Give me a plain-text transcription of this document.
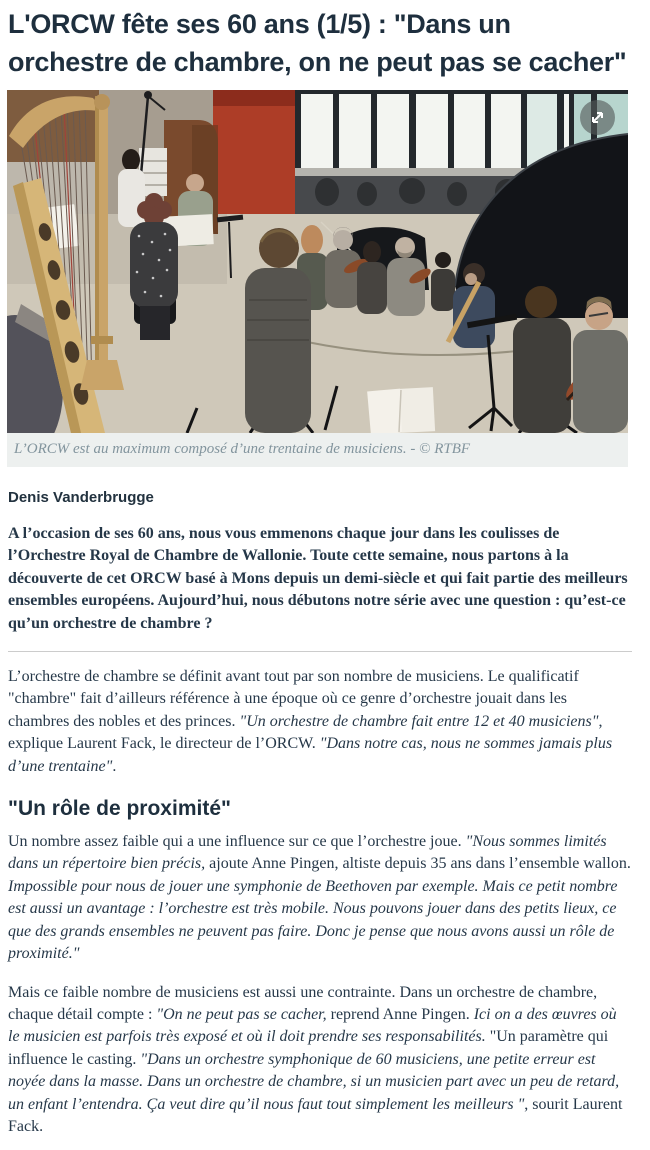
L'ORCW fête ses 60 ans (1/5) : "Dans un orchestre de chambre, on ne peut pas se cacher"
L’ORCW est au maximum composé d’une trentaine de musiciens. - © RTBF
Denis Vanderbrugge

A l’occasion de ses 60 ans, nous vous emmenons chaque jour dans les coulisses de l’Orchestre Royal de Chambre de Wallonie. Toute cette semaine, nous partons à la découverte de cet ORCW basé à Mons depuis un demi-siècle et qui fait partie des meilleurs ensembles européens. Aujourd’hui, nous débutons notre série avec une question : qu’est-ce qu’un orchestre de chambre ?

L’orchestre de chambre se définit avant tout par son nombre de musiciens. Le qualificatif "chambre" fait d’ailleurs référence à une époque où ce genre d’orchestre jouait dans les chambres des nobles et des princes. "Un orchestre de chambre fait entre 12 et 40 musiciens", explique Laurent Fack, le directeur de l’ORCW. "Dans notre cas, nous ne sommes jamais plus d’une trentaine".

"Un rôle de proximité"

Un nombre assez faible qui a une influence sur ce que l’orchestre joue. "Nous sommes limités dans un répertoire bien précis, ajoute Anne Pingen, altiste depuis 35 ans dans l’ensemble wallon. Impossible pour nous de jouer une symphonie de Beethoven par exemple. Mais ce petit nombre est aussi un avantage : l’orchestre est très mobile. Nous pouvons jouer dans des petits lieux, ce que des grands ensembles ne peuvent pas faire. Donc je pense que nous avons aussi un rôle de proximité."

Mais ce faible nombre de musiciens est aussi une contrainte. Dans un orchestre de chambre, chaque détail compte : "On ne peut pas se cacher, reprend Anne Pingen. Ici on a des œuvres où le musicien est parfois très exposé et où il doit prendre ses responsabilités. "Un paramètre qui influence le casting. "Dans un orchestre symphonique de 60 musiciens, une petite erreur est noyée dans la masse. Dans un orchestre de chambre, si un musicien part avec un peu de retard, un enfant l’entendra. Ça veut dire qu’il nous faut tout simplement les meilleurs ", sourit Laurent Fack.
